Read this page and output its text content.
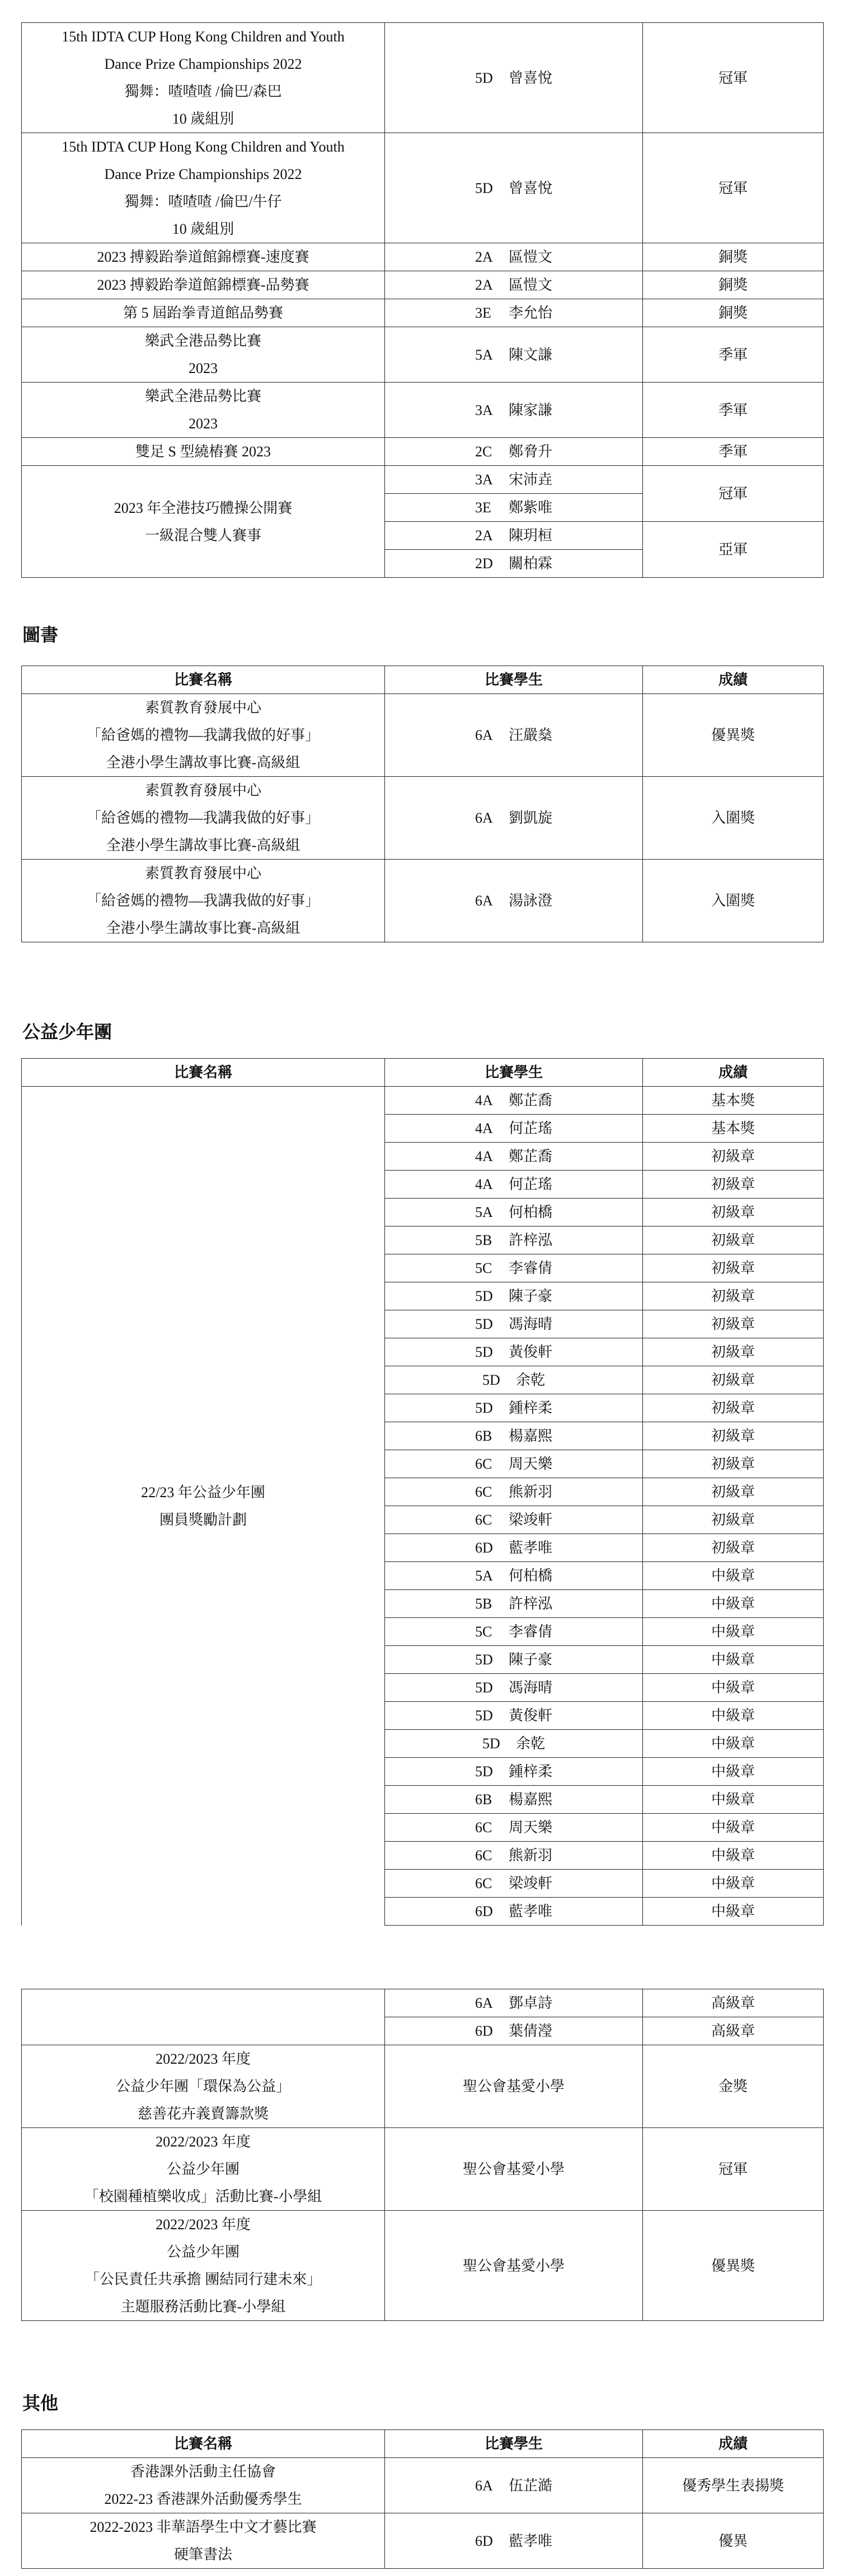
15th IDTA CUP Hong Kong Children and Youth
Dance Prize Championships 2022
獨舞：喳喳喳 /倫巴/森巴
10 歲組別	5D 曾喜悅	冠軍

15th IDTA CUP Hong Kong Children and Youth
Dance Prize Championships 2022
獨舞：喳喳喳 /倫巴/牛仔
10 歲組別	5D 曾喜悅	冠軍

2023 搏毅跆拳道館錦標賽-速度賽	2A 區愷文	銅獎

2023 搏毅跆拳道館錦標賽-品勢賽	2A 區愷文	銅獎

第 5 屆跆拳青道館品勢賽	3E 李允怡	銅獎

樂武全港品勢比賽
2023	5A 陳文謙	季軍

樂武全港品勢比賽
2023	3A 陳家謙	季軍

雙足 S 型繞樁賽 2023	2C 鄭脅升	季軍

2023 年全港技巧體操公開賽
一級混合雙人賽事	3A 宋沛垚	冠軍
	3E 鄭紫唯	
	2A 陳玥桓	亞軍
	2D 關柏霖	
圖書
比賽名稱	比賽學生	成績

素質教育發展中心
「給爸媽的禮物—我講我做的好事」
全港小學生講故事比賽-高級組	6A 汪嚴燊	優異獎

素質教育發展中心
「給爸媽的禮物—我講我做的好事」
全港小學生講故事比賽-高級組	6A 劉凱旋	入圍獎

素質教育發展中心
「給爸媽的禮物—我講我做的好事」
全港小學生講故事比賽-高級組	6A 湯詠澄	入圍獎
公益少年團
比賽名稱	比賽學生	成績

22/23 年公益少年團
團員獎勵計劃	4A 鄭芷喬	基本獎
	4A 何芷瑤	基本獎
	4A 鄭芷喬	初級章
	4A 何芷瑤	初級章
	5A 何柏橋	初級章
	5B 許梓泓	初級章
	5C 李睿倩	初級章
	5D 陳子豪	初級章
	5D 馮海晴	初級章
	5D 黃俊軒	初級章
	5D 余乾	初級章
	5D 鍾梓柔	初級章
	6B 楊嘉熙	初級章
	6C 周天樂	初級章
	6C 熊新羽	初級章
	6C 梁竣軒	初級章
	6D 藍孝唯	初級章
	5A 何柏橋	中級章
	5B 許梓泓	中級章
	5C 李睿倩	中級章
	5D 陳子豪	中級章
	5D 馮海晴	中級章
	5D 黃俊軒	中級章
	5D 余乾	中級章
	5D 鍾梓柔	中級章
	6B 楊嘉熙	中級章
	6C 周天樂	中級章
	6C 熊新羽	中級章
	6C 梁竣軒	中級章
	6D 藍孝唯	中級章
	6A 鄧卓詩	高級章
	6D 葉倩瀅	高級章

2022/2023 年度
公益少年團「環保為公益」
慈善花卉義賣籌款獎	聖公會基愛小學	金獎

2022/2023 年度
公益少年團
「校園種植樂收成」活動比賽-小學組	聖公會基愛小學	冠軍

2022/2023 年度
公益少年團
「公民責任共承擔 團結同行建未來」
主題服務活動比賽-小學組	聖公會基愛小學	優異獎
其他
比賽名稱	比賽學生	成績

香港課外活動主任協會
2022-23 香港課外活動優秀學生	6A 伍芷澔	優秀學生表揚獎

2022-2023 非華語學生中文才藝比賽
硬筆書法	6D 藍孝唯	優異
